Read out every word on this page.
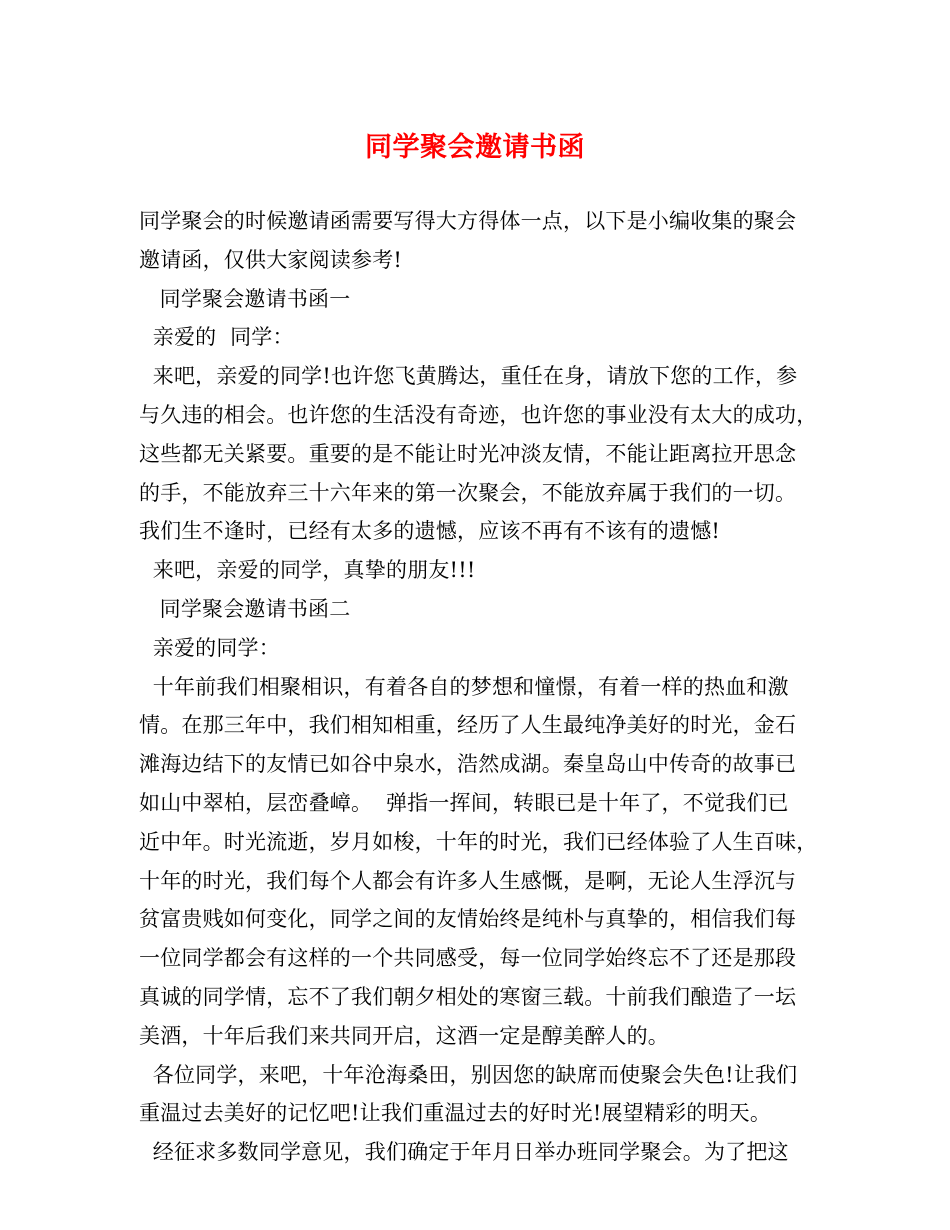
同学聚会邀请书函
同学聚会的时候邀请函需要写得大方得体一点，以下是小编收集的聚会
邀请函，仅供大家阅读参考!
同学聚会邀请书函一
亲爱的  同学：
来吧，亲爱的同学!也许您飞黄腾达，重任在身，请放下您的工作，参
与久违的相会。也许您的生活没有奇迹，也许您的事业没有太大的成功，
这些都无关紧要。重要的是不能让时光冲淡友情，不能让距离拉开思念
的手，不能放弃三十六年来的第一次聚会，不能放弃属于我们的一切。
我们生不逢时，已经有太多的遗憾，应该不再有不该有的遗憾!
来吧，亲爱的同学，真挚的朋友!!!
同学聚会邀请书函二
亲爱的同学：
十年前我们相聚相识，有着各自的梦想和憧憬，有着一样的热血和激
情。在那三年中，我们相知相重，经历了人生最纯净美好的时光，金石
滩海边结下的友情已如谷中泉水，浩然成湖。秦皇岛山中传奇的故事已
如山中翠柏，层峦叠嶂。  弹指一挥间，转眼已是十年了，不觉我们已
近中年。时光流逝，岁月如梭，十年的时光，我们已经体验了人生百味，
十年的时光，我们每个人都会有许多人生感慨，是啊，无论人生浮沉与
贫富贵贱如何变化，同学之间的友情始终是纯朴与真挚的，相信我们每
一位同学都会有这样的一个共同感受，每一位同学始终忘不了还是那段
真诚的同学情，忘不了我们朝夕相处的寒窗三载。十前我们酿造了一坛
美酒，十年后我们来共同开启，这酒一定是醇美醉人的。
各位同学，来吧，十年沧海桑田，别因您的缺席而使聚会失色!让我们
重温过去美好的记忆吧!让我们重温过去的好时光!展望精彩的明天。
经征求多数同学意见，我们确定于年月日举办班同学聚会。为了把这
